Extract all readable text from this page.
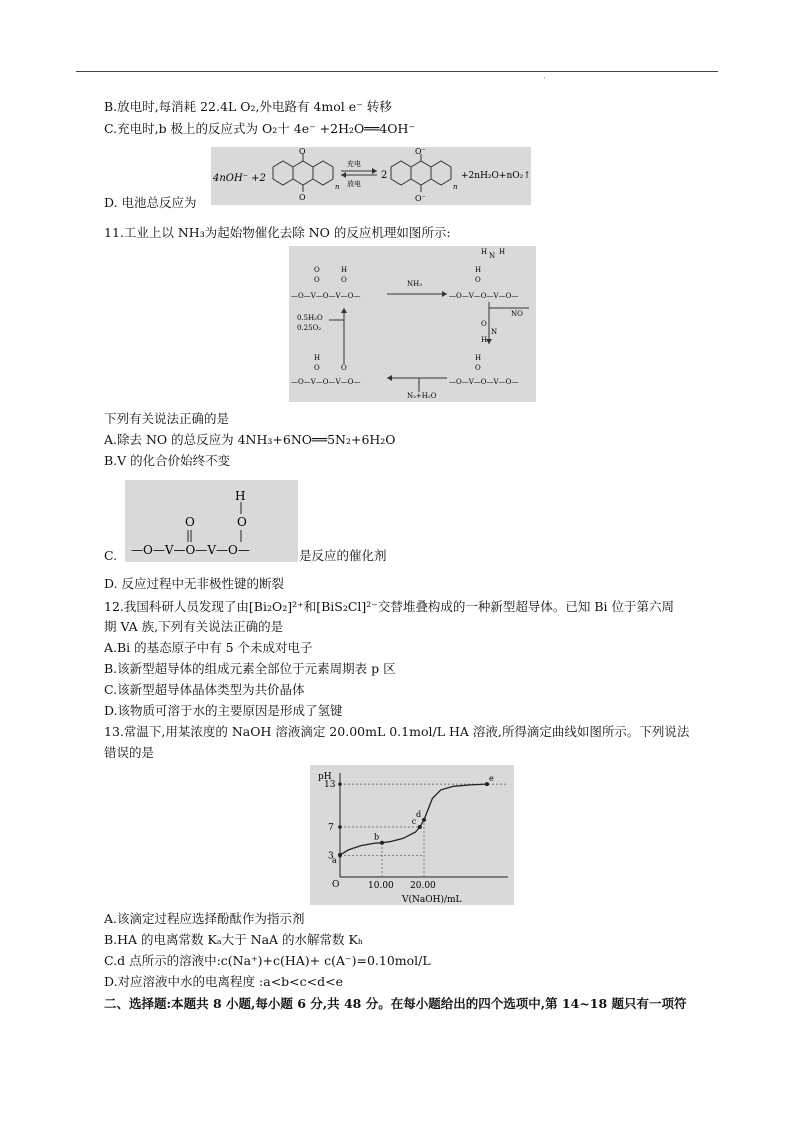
·
B.放电时,每消耗 22.4L O₂,外电路有 4mol e⁻ 转移
C.充电时,b 极上的反应式为 O₂十 4e⁻ +2H₂O══4OH⁻
D. 电池总反应为
4nOH⁻ +2
O
O
n
充电
放电
2
O⁻
O⁻
n
+2nH₂O+nO₂↑
11.工业上以 NH₃为起始物催化去除 NO 的反应机理如图所示:
—O—V—O—V—O—
O
O
O
H
NH₃
—O—V—O—V—O—
O
H
N
H H
NO
O
N
H
—O—V—O—V—O—
O
H
N₂+H₂O
—O—V—O—V—O—
O
H
O
0.5H₂O
0.25O₂
下列有关说法正确的是
A.除去 NO 的总反应为 4NH₃+6NO══5N₂+6H₂O
B.V 的化合价始终不变
C. —O—V—O—V—O—
O	O
H
是反应的催化剂
D. 反应过程中无非极性键的断裂
12.我国科研人员发现了由[Bi₂O₂]²⁺和[BiS₂Cl]²⁻交替堆叠构成的一种新型超导体。已知 Bi 位于第六周
期 VA 族,下列有关说法正确的是
A.Bi 的基态原子中有 5 个未成对电子
B.该新型超导体的组成元素全部位于元素周期表 p 区
C.该新型超导体晶体类型为共价晶体
D.该物质可溶于水的主要原因是形成了氢键
13.常温下,用某浓度的 NaOH 溶液滴定 20.00mL 0.1mol/L HA 溶液,所得滴定曲线如图所示。下列说法
错误的是
pH
O
V(NaOH)/mL
10.00 20.00
3
7
13
a
b
c
d
e
A.该滴定过程应选择酚酞作为指示剂
B.HA 的电离常数 Kₐ大于 NaA 的水解常数 Kₕ
C.d 点所示的溶液中:c(Na⁺)+c(HA)+ c(A⁻)=0.10mol/L
D.对应溶液中水的电离程度 :a<b<c<d<e
二、选择题:本题共 8 小题,每小题 6 分,共 48 分。在每小题给出的四个选项中,第 14~18 题只有一项符
